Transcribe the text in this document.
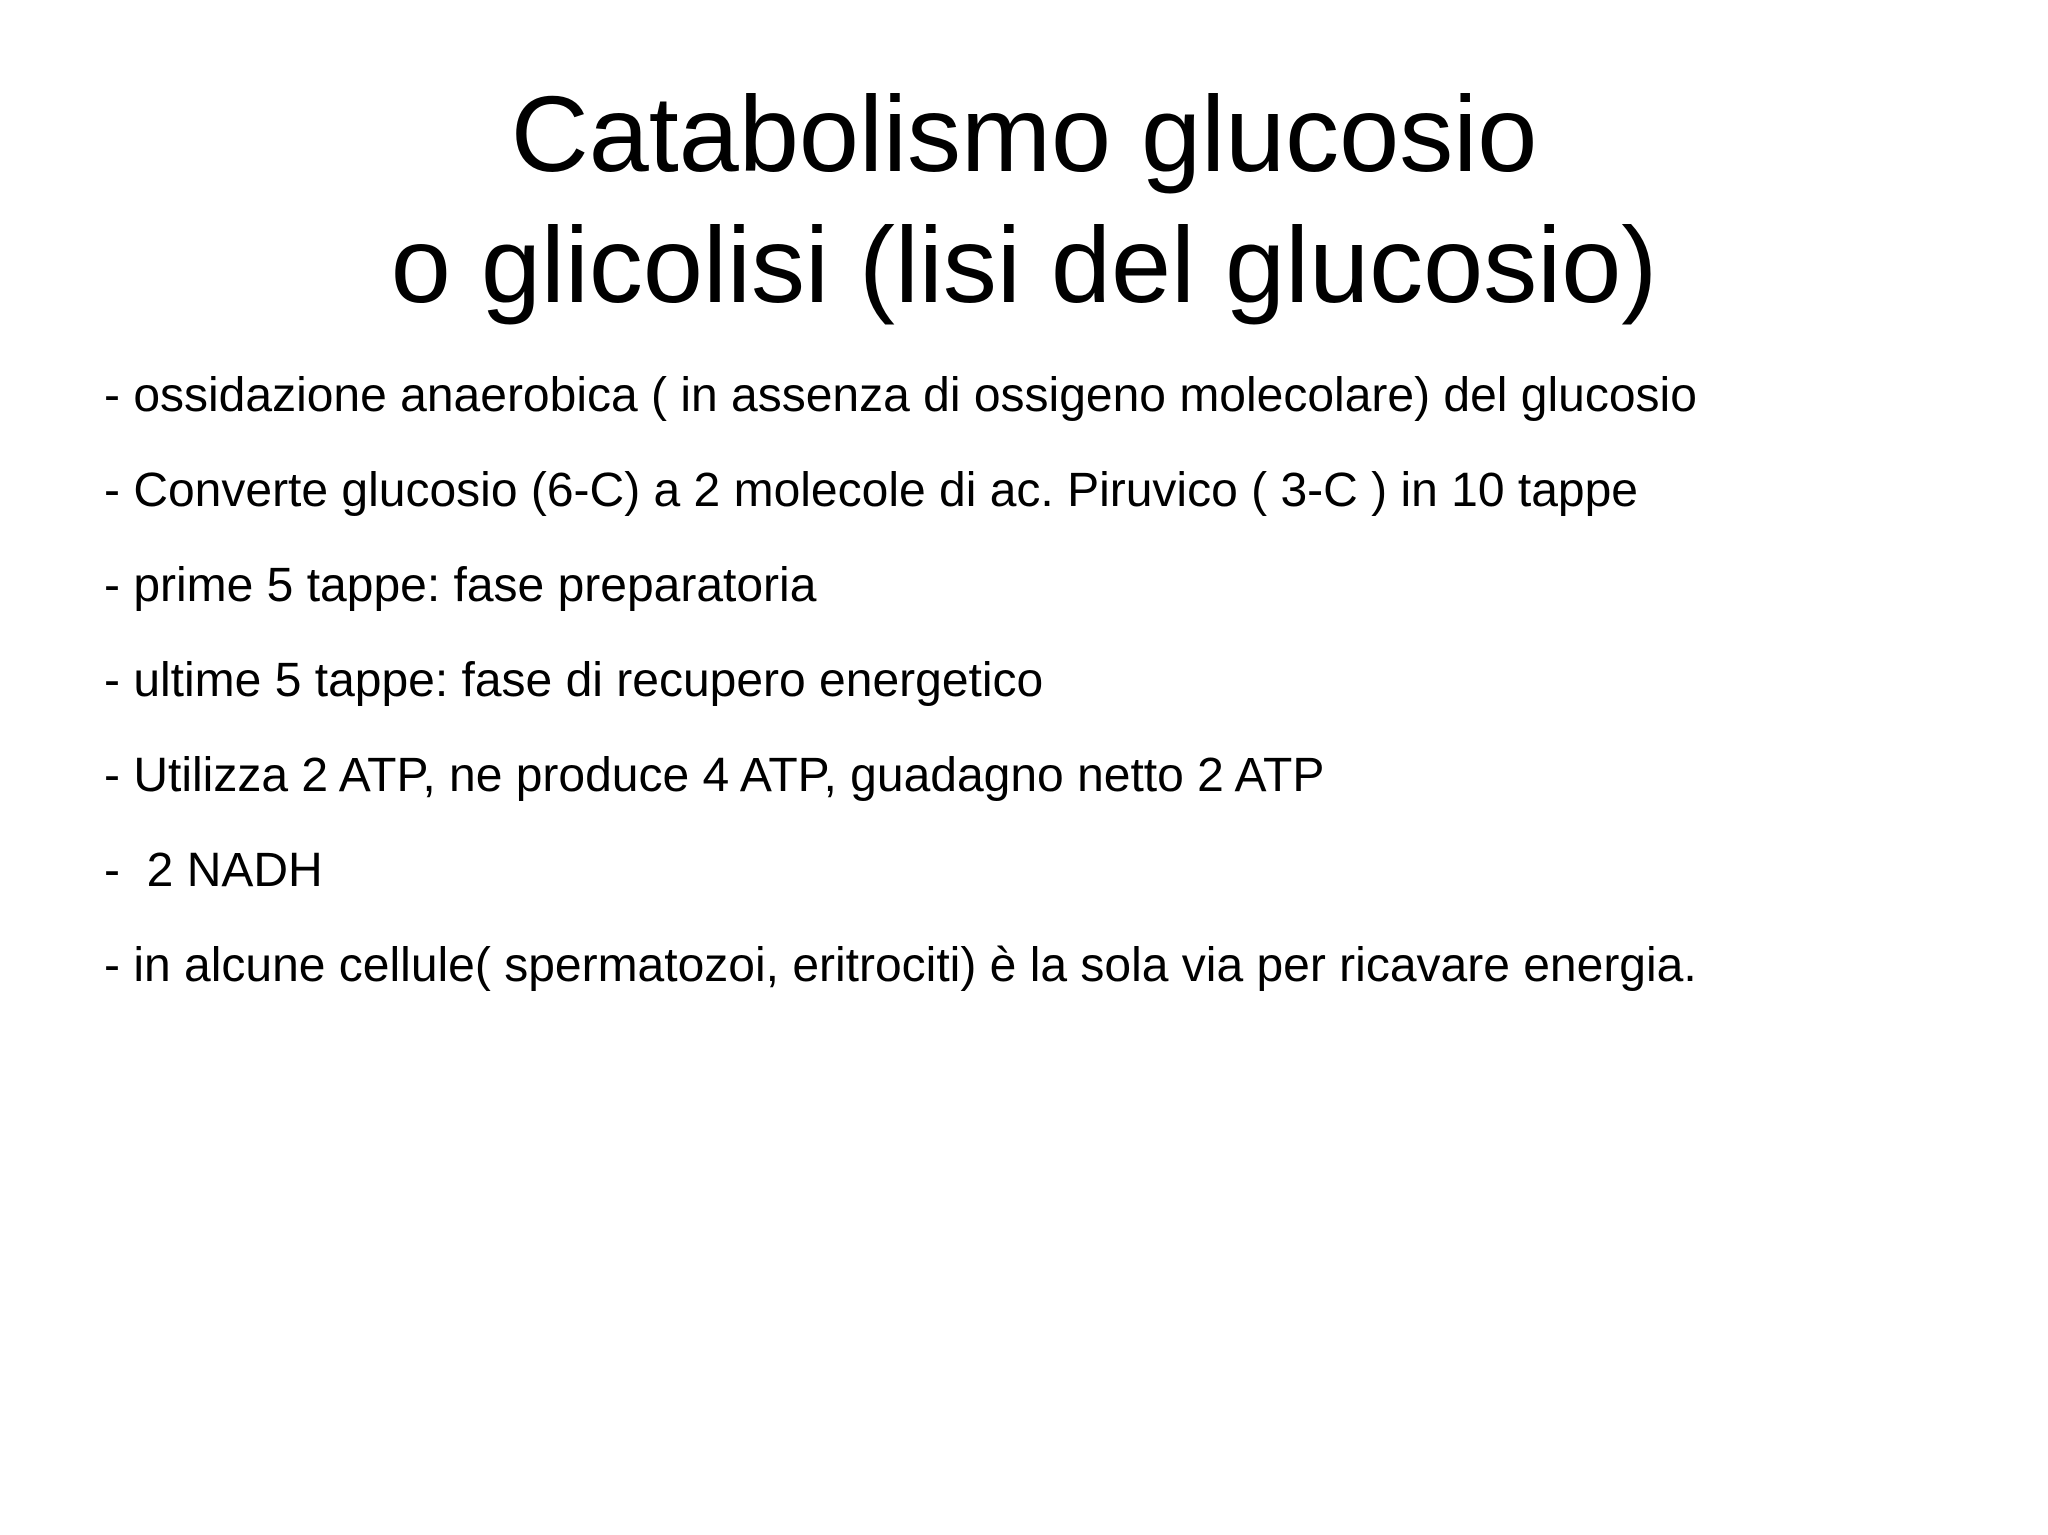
Catabolismo glucosio
o glicolisi (lisi del glucosio)
- ossidazione anaerobica ( in assenza di ossigeno molecolare) del glucosio
- Converte glucosio (6-C) a 2 molecole di ac. Piruvico ( 3-C ) in 10 tappe
- prime 5 tappe: fase preparatoria
- ultime 5 tappe: fase di recupero energetico
- Utilizza 2 ATP, ne produce 4 ATP, guadagno netto 2 ATP
-  2 NADH
- in alcune cellule( spermatozoi, eritrociti) è la sola via per ricavare energia.
